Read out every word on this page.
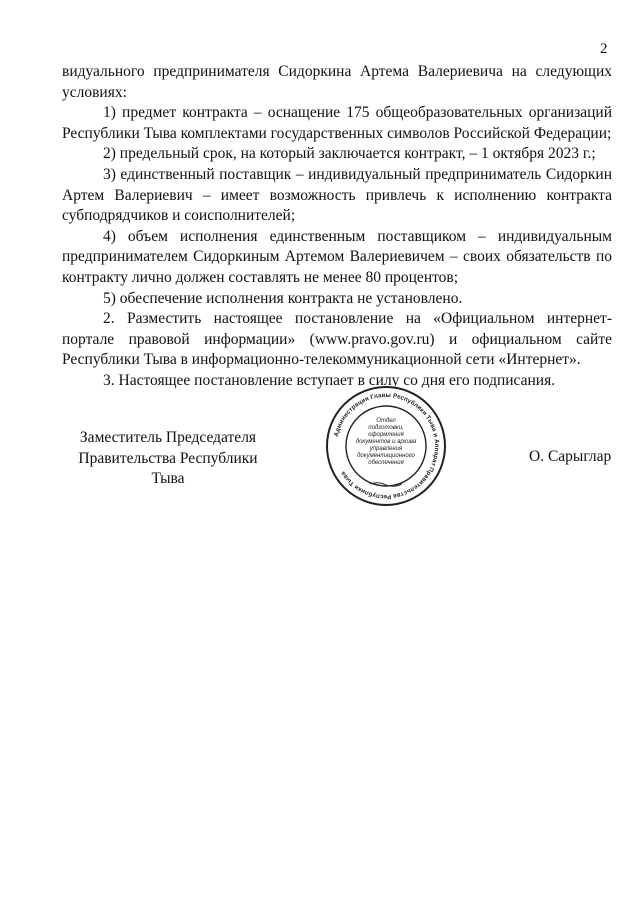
2

видуального предпринимателя Сидоркина Артема Валериевича на следующих условиях:

1) предмет контракта – оснащение 175 общеобразовательных организаций Республики Тыва комплектами государственных символов Российской Федерации;

2) предельный срок, на который заключается контракт, – 1 октября 2023 г.;

3) единственный поставщик – индивидуальный предприниматель Сидоркин Артем Валериевич – имеет возможность привлечь к исполнению контракта субподрядчиков и соисполнителей;

4) объем исполнения единственным поставщиком – индивидуальным предпринимателем Сидоркиным Артемом Валериевичем – своих обязательств по контракту лично должен составлять не менее 80 процентов;

5) обеспечение исполнения контракта не установлено.

2. Разместить настоящее постановление на «Официальном интернет-портале правовой информации» (www.pravo.gov.ru) и официальном сайте Республики Тыва в информационно-телекоммуникационной сети «Интернет».

3. Настоящее постановление вступает в силу со дня его подписания.

Заместитель Председателя
Правительства Республики Тыва
О. Сарыглар
Администрация Главы Республики Тыва и Аппарат Правительства Республики Тыва
Отдел
подготовки,
оформления
документов и архива
управления
документационного
обеспечения
